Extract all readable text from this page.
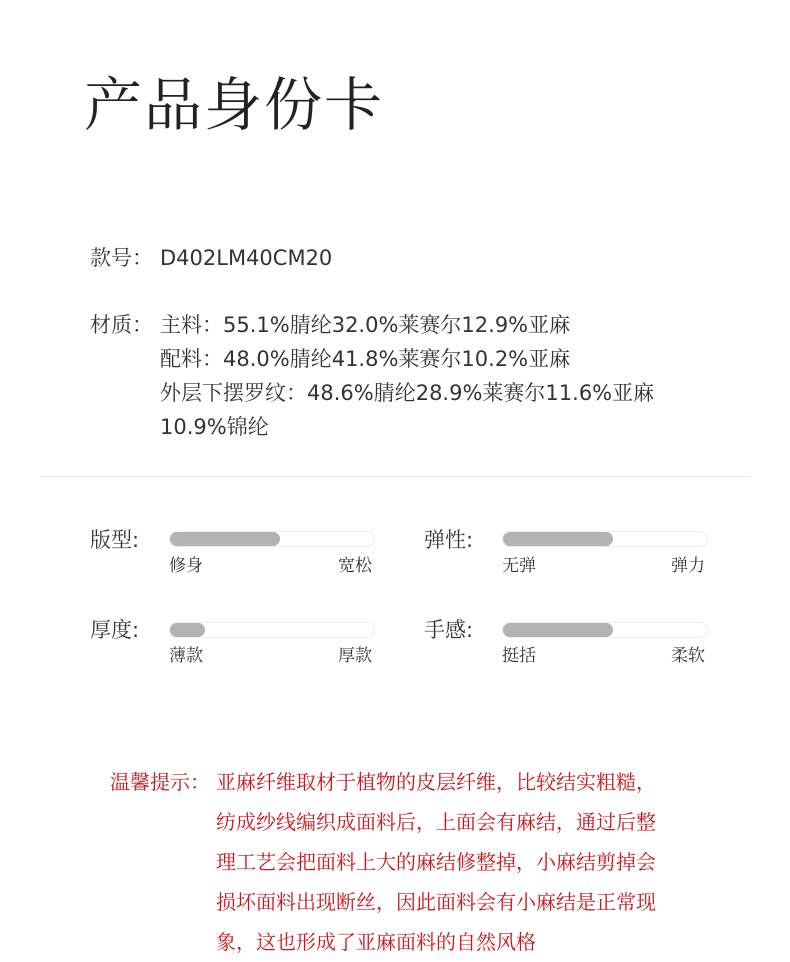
产品身份卡
款号： D402LM40CM20
材质： 主料：55.1%腈纶32.0%莱赛尔12.9%亚麻
配料：48.0%腈纶41.8%莱赛尔10.2%亚麻
外层下摆罗纹：48.6%腈纶28.9%莱赛尔11.6%亚麻
10.9%锦纶
版型:
修身	宽松
弹性:
无弹	弹力
厚度:
薄款	厚款
手感:
挺括	柔软
温馨提示： 亚麻纤维取材于植物的皮层纤维，比较结实粗糙，
纺成纱线编织成面料后，上面会有麻结，通过后整
理工艺会把面料上大的麻结修整掉，小麻结剪掉会
损坏面料出现断丝，因此面料会有小麻结是正常现
象，这也形成了亚麻面料的自然风格
